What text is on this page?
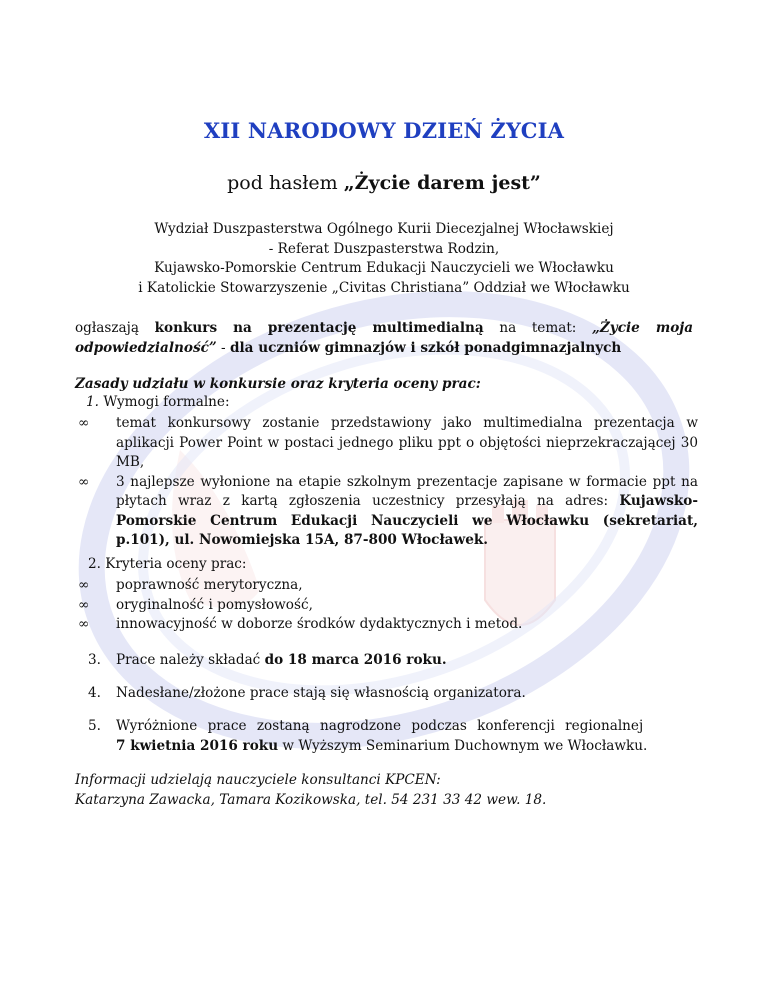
XII NARODOWY DZIEŃ ŻYCIA
pod hasłem „Życie darem jest”
Wydział Duszpasterstwa Ogólnego Kurii Diecezjalnej Włocławskiej
- Referat Duszpasterstwa Rodzin,
Kujawsko-Pomorskie Centrum Edukacji Nauczycieli we Włocławku
i Katolickie Stowarzyszenie „Civitas Christiana” Oddział we Włocławku
ogłaszają konkurs na prezentację multimedialną na temat: „Życie moja odpowiedzialność” - dla uczniów gimnazjów i szkół ponadgimnazjalnych
Zasady udziału w konkursie oraz kryteria oceny prac:
1. Wymogi formalne:
∞ temat konkursowy zostanie przedstawiony jako multimedialna prezentacja w aplikacji Power Point w postaci jednego pliku ppt o objętości nieprzekraczającej 30 MB,
∞ 3 najlepsze wyłonione na etapie szkolnym prezentacje zapisane w formacie ppt na płytach wraz z kartą zgłoszenia uczestnicy przesyłają na adres: Kujawsko-Pomorskie Centrum Edukacji Nauczycieli we Włocławku (sekretariat, p.101), ul. Nowomiejska 15A, 87-800 Włocławek.
2. Kryteria oceny prac:
∞ poprawność merytoryczna,
∞ oryginalność i pomysłowość,
∞ innowacyjność w doborze środków dydaktycznych i metod.
3. Prace należy składać do 18 marca 2016 roku.
4. Nadesłane/złożone prace stają się własnością organizatora.
5. Wyróżnione prace zostaną nagrodzone podczas konferencji regionalnej
7 kwietnia 2016 roku w Wyższym Seminarium Duchownym we Włocławku.
Informacji udzielają nauczyciele konsultanci KPCEN:
Katarzyna Zawacka, Tamara Kozikowska, tel. 54 231 33 42 wew. 18.
